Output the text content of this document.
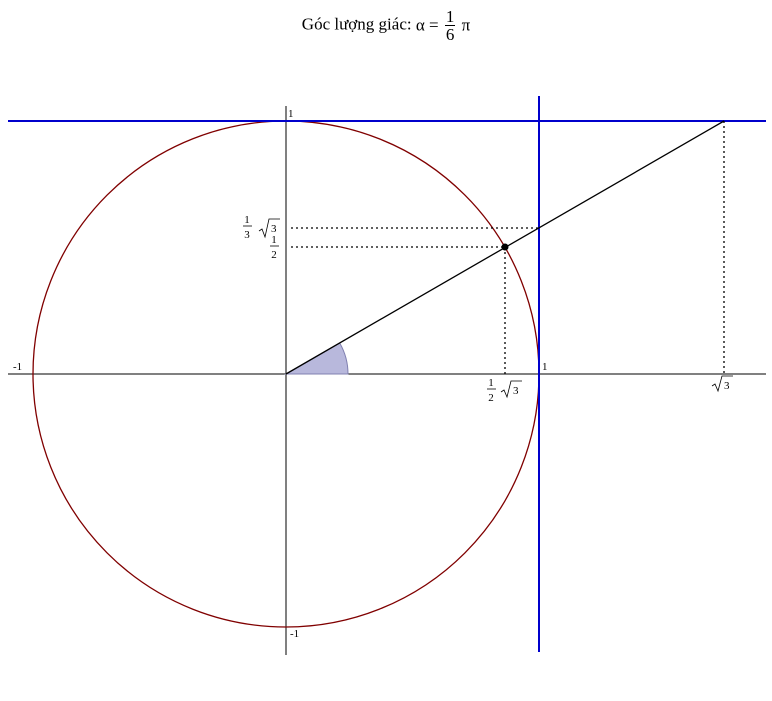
Góc lượng giác: $\alpha = \frac{1}{6}$ π
1
-1
1
-1
1
3 3
1
2
1
2
3	3
